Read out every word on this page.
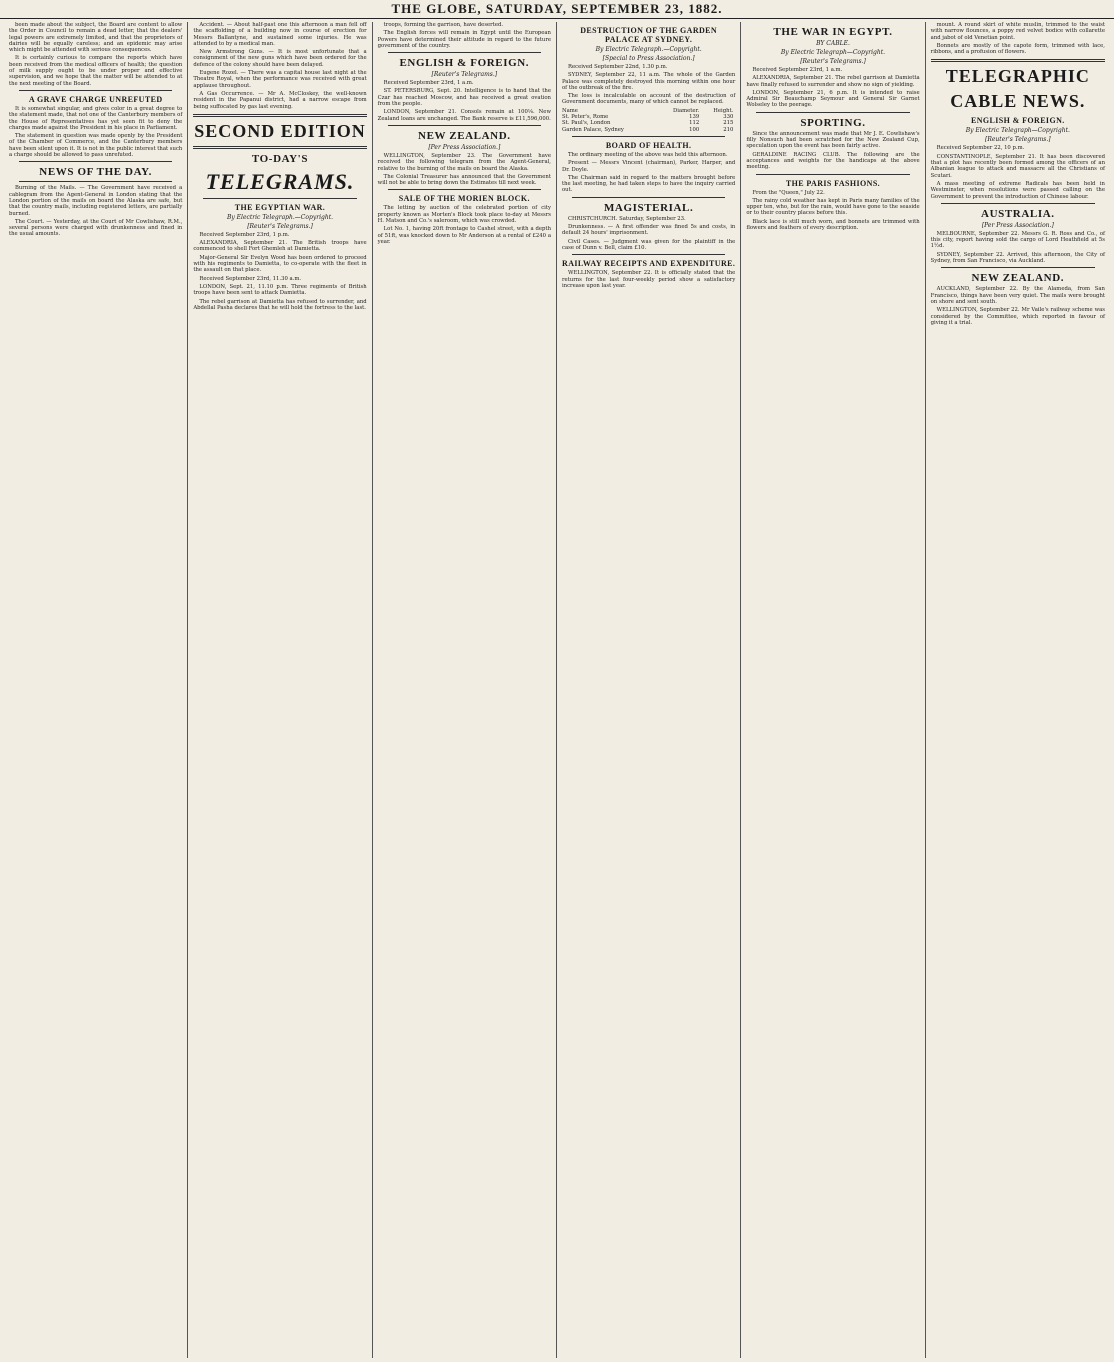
THE GLOBE, SATURDAY, SEPTEMBER 23, 1882.

been made about the subject, the Board are content to allow the Order in Council to remain a dead letter, that the dealers' legal powers are extremely limited, and that the proprietors of dairies will be equally careless; and an epidemic may arise which might be attended with serious consequences.

It is certainly curious to compare the reports which have been received from the medical officers of health; the question of milk supply ought to be under proper and effective supervision, and we hope that the matter will be attended to at the next meeting of the Board.

A GRAVE CHARGE UNREFUTED

It is somewhat singular, and gives color in a great degree to the statement made, that not one of the Canterbury members of the House of Representatives has yet seen fit to deny the charges made against the President in his place in Parliament.

The statement in question was made openly by the President of the Chamber of Commerce, and the Canterbury members have been silent upon it. It is not in the public interest that such a charge should be allowed to pass unrefuted.

NEWS OF THE DAY.

Burning of the Mails. — The Government have received a cablegram from the Agent-General in London stating that the London portion of the mails on board the Alaska are safe, but that the country mails, including registered letters, are partially burned.

The Court. — Yesterday, at the Court of Mr Cowlishaw, R.M., several persons were charged with drunkenness and fined in the usual amounts.

Accident. — About half-past one this afternoon a man fell off the scaffolding of a building now in course of erection for Messrs Ballantyne, and sustained some injuries. He was attended to by a medical man.

New Armstrong Guns. — It is most unfortunate that a consignment of the new guns which have been ordered for the defence of the colony should have been delayed.

Eugene Rozel. — There was a capital house last night at the Theatre Royal, when the performance was received with great applause throughout.

A Gas Occurrence. — Mr A. McCloskey, the well-known resident in the Papanui district, had a narrow escape from being suffocated by gas last evening.

SECOND EDITION
TO-DAY'S
TELEGRAMS.
THE EGYPTIAN WAR.
By Electric Telegraph.—Copyright.
[Reuter's Telegrams.]

Received September 23rd, 1 p.m.

ALEXANDRIA, September 21. The British troops have commenced to shell Fort Ghemleh at Damietta.

Major-General Sir Evelyn Wood has been ordered to proceed with his regiments to Damietta, to co-operate with the fleet in the assault on that place.

Received September 23rd, 11.30 a.m.

LONDON, Sept. 21, 11.10 p.m. Three regiments of British troops have been sent to attack Damietta.

The rebel garrison at Damietta has refused to surrender, and Abdellal Pasha declares that he will hold the fortress to the last.

troops, forming the garrison, have deserted.

The English forces will remain in Egypt until the European Powers have determined their attitude in regard to the future government of the country.

ENGLISH & FOREIGN.
[Reuter's Telegrams.]

Received September 23rd, 1 a.m.

ST. PETERSBURG, Sept. 20. Intelligence is to hand that the Czar has reached Moscow, and has received a great ovation from the people.

LONDON, September 21. Consols remain at 100⅛. New Zealand loans are unchanged. The Bank reserve is £11,596,000.

NEW ZEALAND.
[Per Press Association.]

WELLINGTON, September 23. The Government have received the following telegram from the Agent-General, relative to the burning of the mails on board the Alaska.

The Colonial Treasurer has announced that the Government will not be able to bring down the Estimates till next week.

SALE OF THE MORIEN BLOCK.

The letting by auction of the celebrated portion of city property known as Morten's Block took place to-day at Messrs H. Matson and Co.'s saleroom, which was crowded.

Lot No. 1, having 20ft frontage to Cashel street, with a depth of 51ft, was knocked down to Mr Anderson at a rental of £240 a year.

DESTRUCTION OF THE GARDEN PALACE AT SYDNEY.
By Electric Telegraph.—Copyright.
[Special to Press Association.]

Received September 22nd, 1.30 p.m.

SYDNEY, September 22, 11 a.m. The whole of the Garden Palace was completely destroyed this morning within one hour of the outbreak of the fire.

The loss is incalculable on account of the destruction of Government documents, many of which cannot be replaced.

Name	Diameter.	Height.
St. Peter's, Rome	139	330
St. Paul's, London	112	215
Garden Palace, Sydney	100	210
BOARD OF HEALTH.

The ordinary meeting of the above was held this afternoon.

Present — Messrs Vincent (chairman), Parker, Harper, and Dr. Doyle.

The Chairman said in regard to the matters brought before the last meeting, he had taken steps to have the inquiry carried out.

MAGISTERIAL.

CHRISTCHURCH. Saturday, September 23.

Drunkenness. — A first offender was fined 5s and costs, in default 24 hours' imprisonment.

Civil Cases. — Judgment was given for the plaintiff in the case of Dunn v. Bell, claim £10.

RAILWAY RECEIPTS AND EXPENDITURE.

WELLINGTON, September 22. It is officially stated that the returns for the last four-weekly period show a satisfactory increase upon last year.

THE WAR IN EGYPT.
BY CABLE.
By Electric Telegraph—Copyright.
[Reuter's Telegrams.]

Received September 23rd, 1 a.m.

ALEXANDRIA, September 21. The rebel garrison at Damietta have finally refused to surrender and show no sign of yielding.

LONDON, September 21, 6 p.m. It is intended to raise Admiral Sir Beauchamp Seymour and General Sir Garnet Wolseley to the peerage.

SPORTING.

Since the announcement was made that Mr J. E. Cowlishaw's filly Nonsuch had been scratched for the New Zealand Cup, speculation upon the event has been fairly active.

GERALDINE RACING CLUB. The following are the acceptances and weights for the handicaps at the above meeting.

THE PARIS FASHIONS.

From the "Queen," July 22.

The rainy cold weather has kept in Paris many families of the upper ten, who, but for the rain, would have gone to the seaside or to their country places before this.

Black lace is still much worn, and bonnets are trimmed with flowers and feathers of every description.

mount. A round skirt of white muslin, trimmed to the waist with narrow flounces, a poppy red velvet bodice with collarette and jabot of old Venetian point.

Bonnets are mostly of the capote form, trimmed with lace, ribbons, and a profusion of flowers.

TELEGRAPHIC
CABLE NEWS.
ENGLISH & FOREIGN.
By Electric Telegraph—Copyright.
[Reuter's Telegrams.]

Received September 22, 10 p.m.

CONSTANTINOPLE, September 21. It has been discovered that a plot has recently been formed among the officers of an Albanian league to attack and massacre all the Christians of Scutari.

A mass meeting of extreme Radicals has been held in Westminster, when resolutions were passed calling on the Government to prevent the introduction of Chinese labour.

AUSTRALIA.
[Per Press Association.]

MELBOURNE, September 22. Messrs G. R. Ross and Co., of this city, report having sold the cargo of Lord Heathfield at 5s 1½d.

SYDNEY, September 22. Arrived, this afternoon, the City of Sydney, from San Francisco, via Auckland.

NEW ZEALAND.

AUCKLAND, September 22. By the Alameda, from San Francisco, things have been very quiet. The mails were brought on shore and sent south.

WELLINGTON, September 22. Mr Vaile's railway scheme was considered by the Committee, which reported in favour of giving it a trial.
